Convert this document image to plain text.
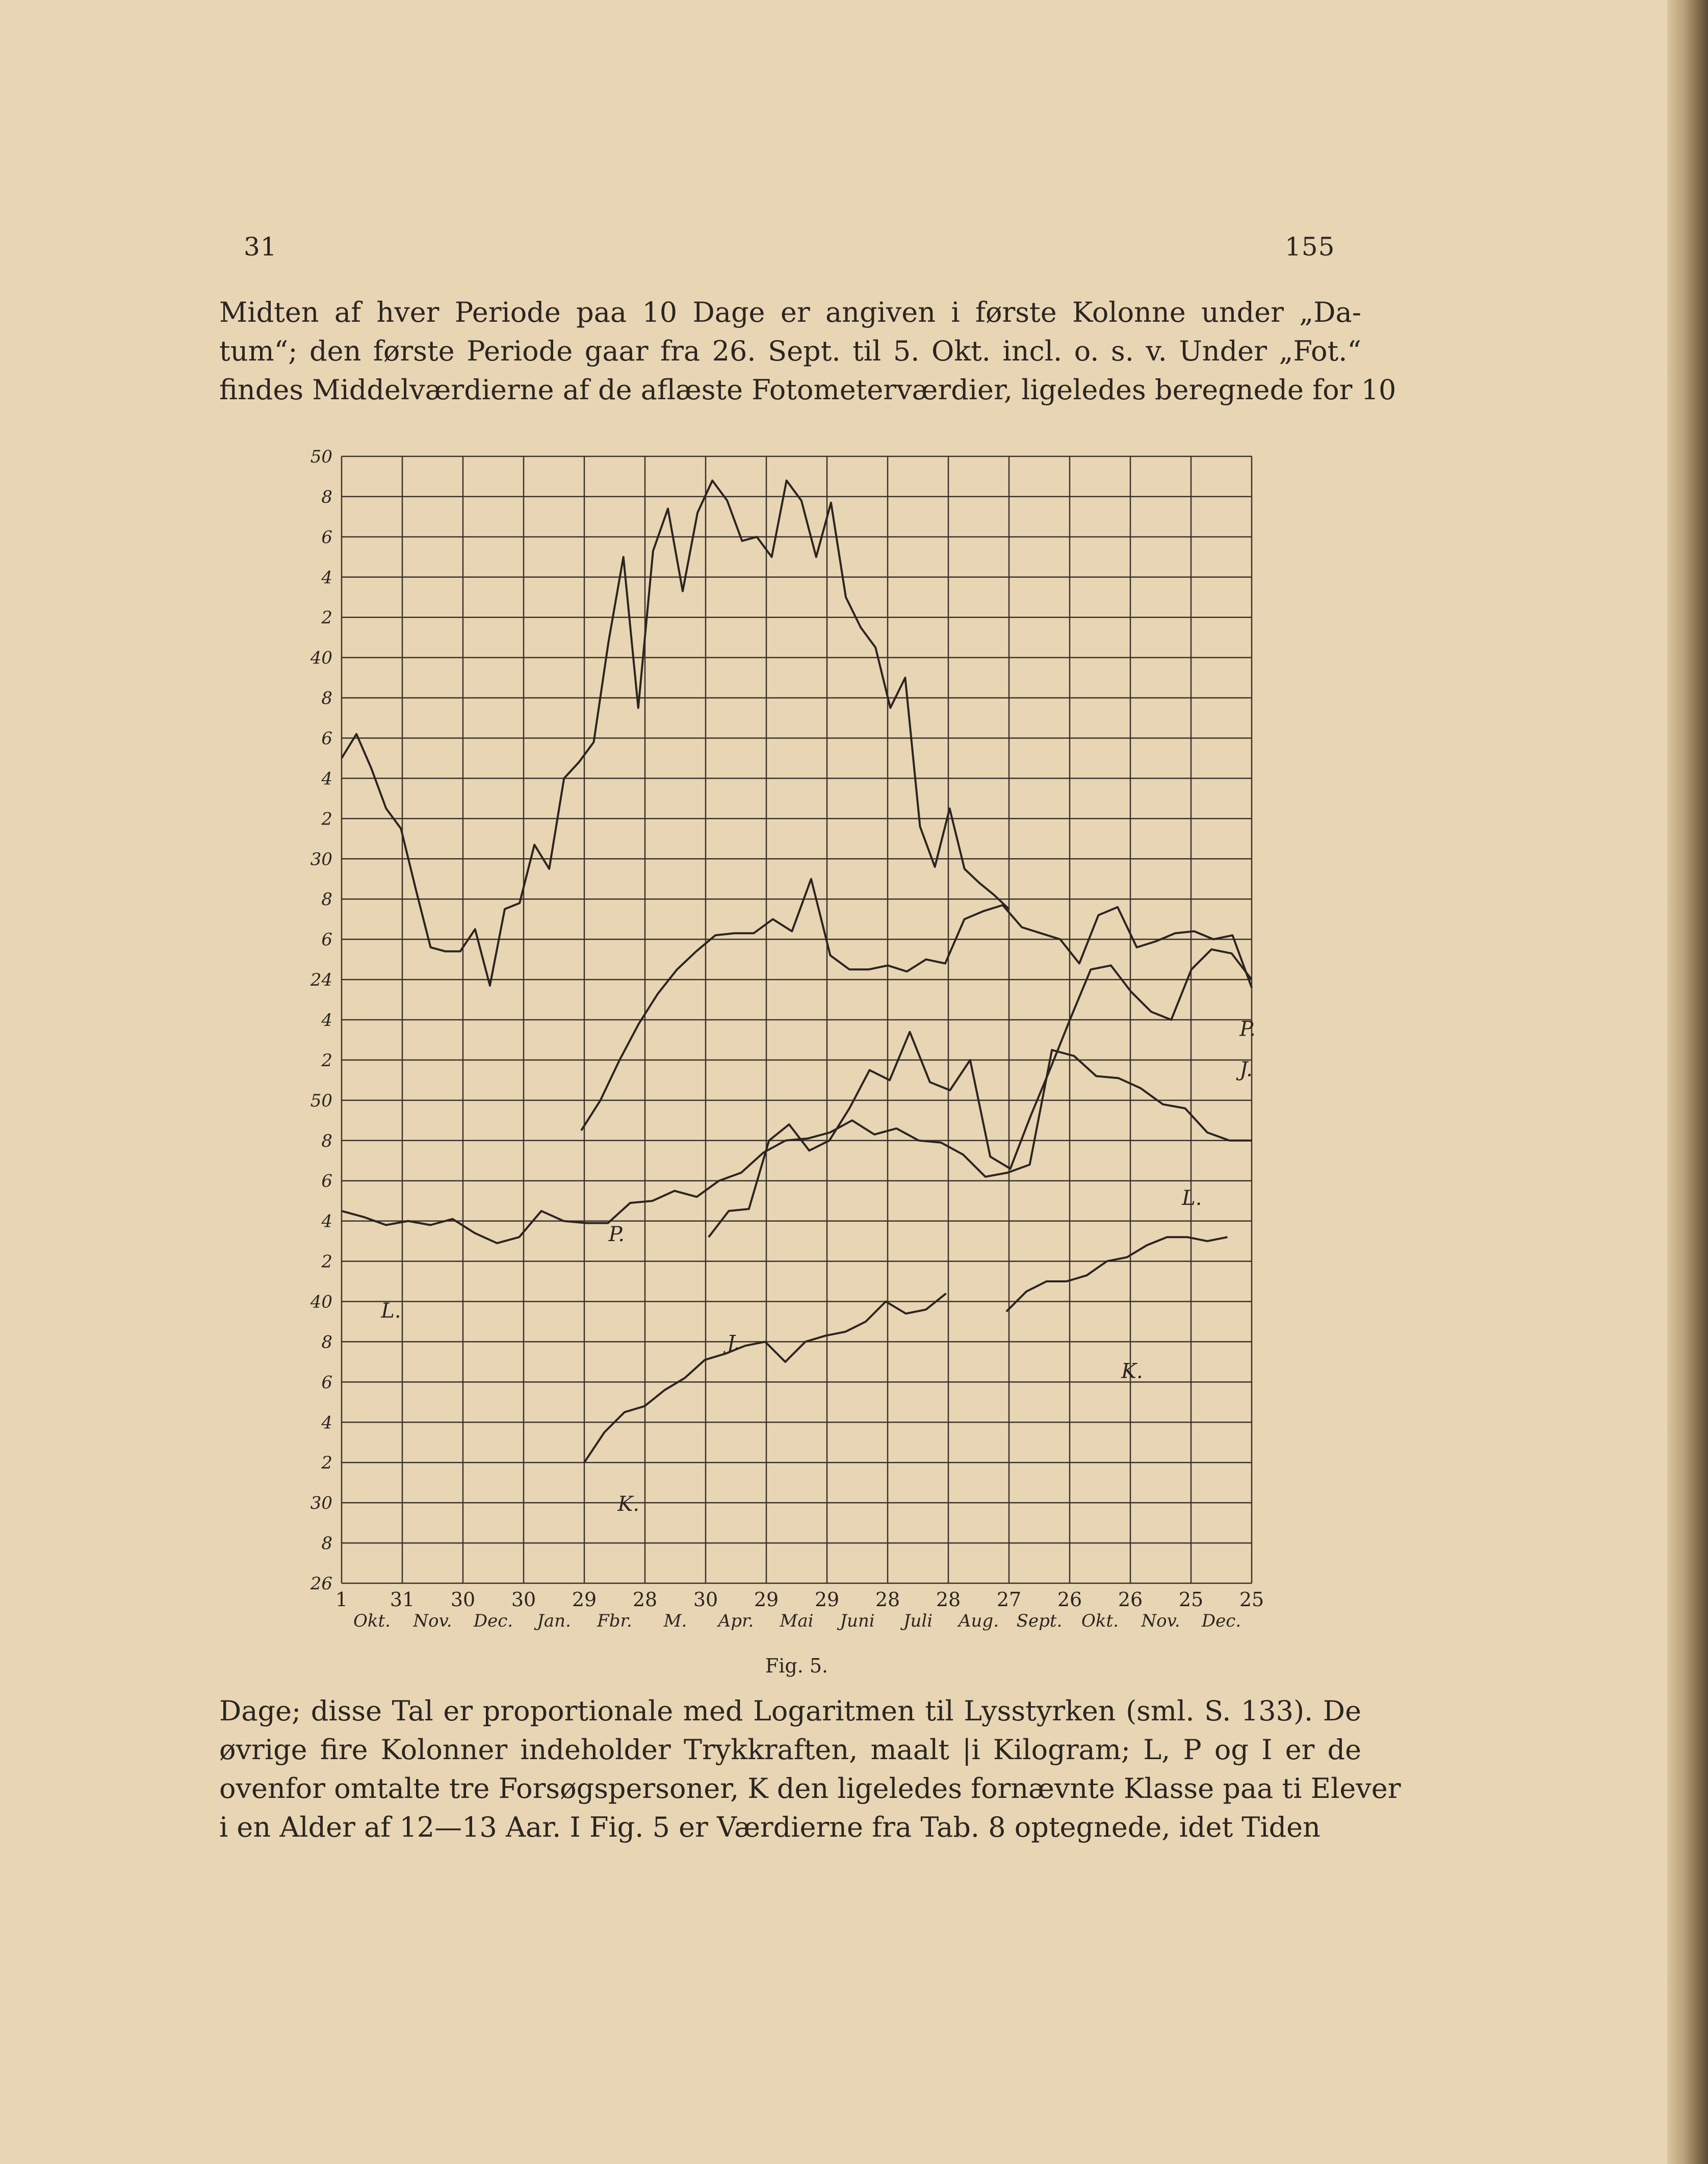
31	155

Midten af hver Periode paa 10 Dage er angiven i første Kolonne under „Da-
tum“; den første Periode gaar fra 26. Sept. til 5. Okt. incl. o. s. v. Under „Fot.“
findes Middelværdierne af de aflæste Fotometerværdier, ligeledes beregnede for 10

50
8
6
4
2
40
8
6
4
2
30
8
6
24
4
2
50
8
6
4
2
40
8
6
4
2
30
8
26
1 31 30 30 29 28 30 29 29 28 28 27 26 26 25 25
Okt. Nov. Dec. Jan. Fbr. M. Apr. Mai Juni Juli Aug. Sept. Okt. Nov. Dec.
P.
P.
J.
J.
L.
L.
K.
K.
Fig. 5.

Dage; disse Tal er proportionale med Logaritmen til Lysstyrken (sml. S. 133). De
øvrige fire Kolonner indeholder Trykkraften, maalt |i Kilogram; L, P og I er de
ovenfor omtalte tre Forsøgspersoner, K den ligeledes fornævnte Klasse paa ti Elever
i en Alder af 12—13 Aar. I Fig. 5 er Værdierne fra Tab. 8 optegnede, idet Tiden
